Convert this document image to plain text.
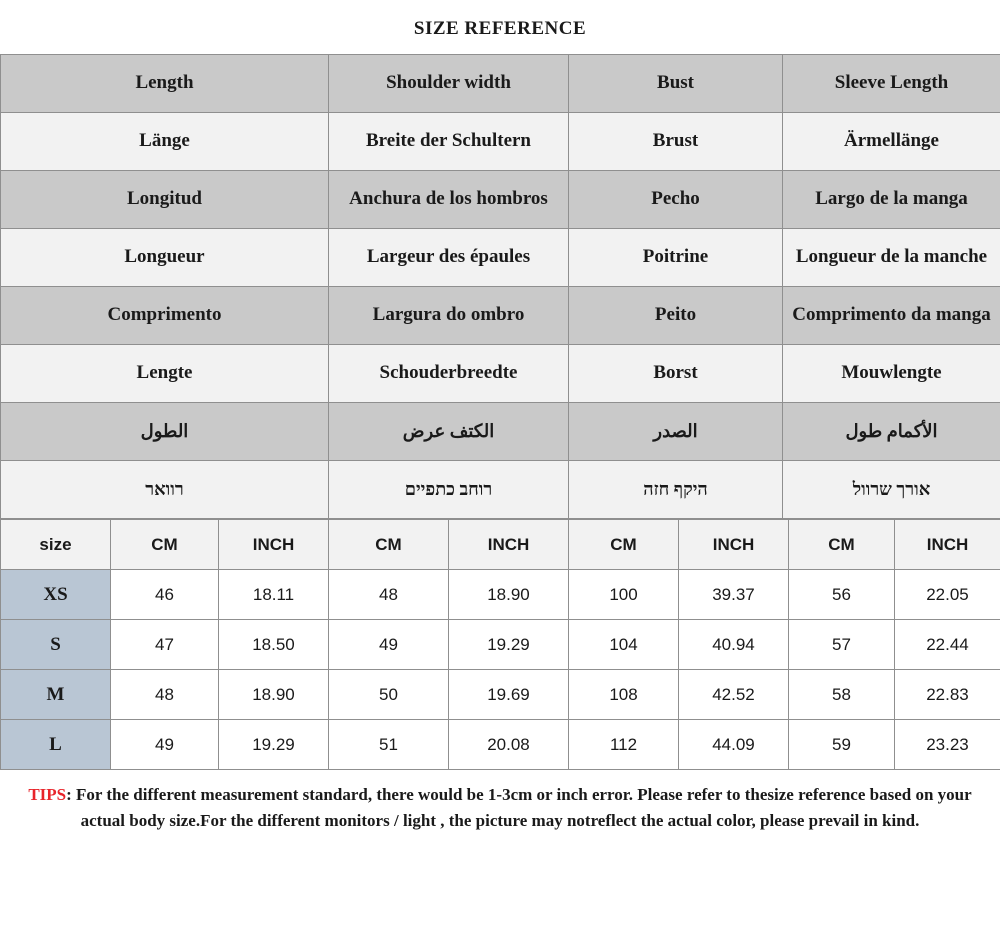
SIZE REFERENCE
Length	Shoulder width	Bust	Sleeve Length
Länge	Breite der Schultern	Brust	Ärmellänge
Longitud	Anchura de los hombros	Pecho	Largo de la manga
Longueur	Largeur des épaules	Poitrine	Longueur de la manche
Comprimento	Largura do ombro	Peito	Comprimento da manga
Lengte	Schouderbreedte	Borst	Mouwlengte
الطول	الكتف عرض	الصدر	الأكمام طول
רוואר	רוחב כתפיים	היקף חזה	אורך שרוול
size	CM	INCH	CM	INCH	CM	INCH	CM	INCH
XS	46	18.11	48	18.90	100	39.37	56	22.05
S	47	18.50	49	19.29	104	40.94	57	22.44
M	48	18.90	50	19.69	108	42.52	58	22.83
L	49	19.29	51	20.08	112	44.09	59	23.23
TIPS: For the different measurement standard, there would be 1-3cm or inch error. Please refer to thesize reference based on your actual body size.For the different monitors / light , the picture may notreflect the actual color, please prevail in kind.
